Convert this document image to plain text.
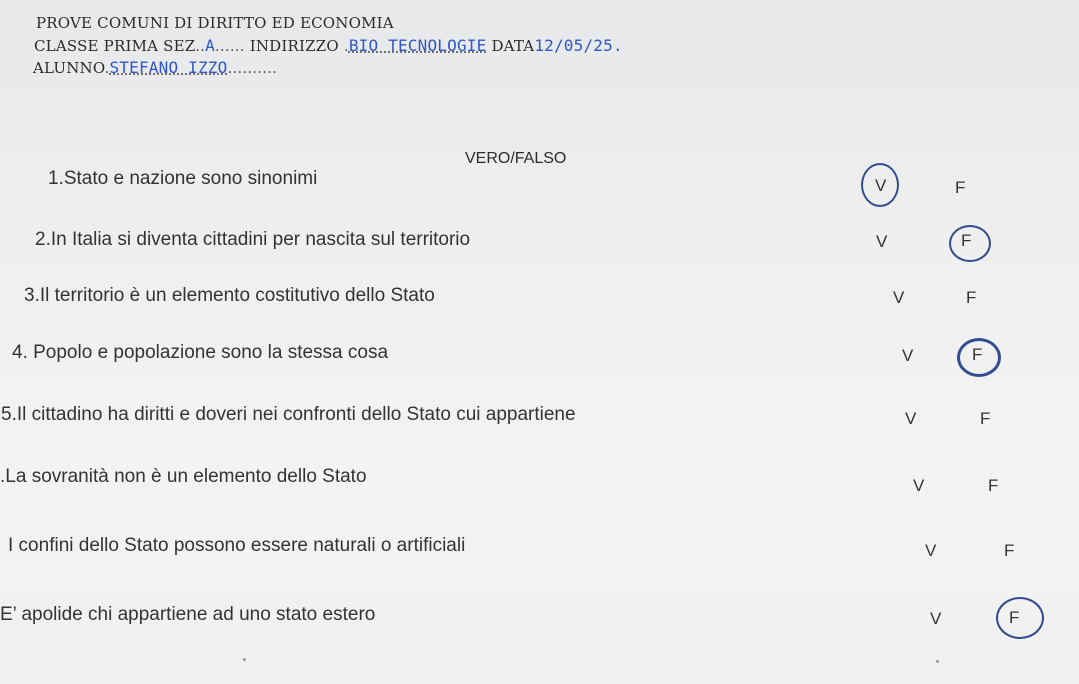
PROVE COMUNI DI DIRITTO ED ECONOMIA
CLASSE PRIMA SEZ..A...... INDIRIZZO .BIO TECNOLOGIE DATA12/05/25.
ALUNNO.STEFANO IZZO..........
VERO/FALSO
1.Stato e nazione sono sinonimi	V	F
2.In Italia si diventa cittadini per nascita sul territorio	V	F
3.Il territorio è un elemento costitutivo dello Stato	V	F
4. Popolo e popolazione sono la stessa cosa	V	F
5.Il cittadino ha diritti e doveri nei confronti dello Stato cui appartiene	V	F
.La sovranità non è un elemento dello Stato	V	F
I confini dello Stato possono essere naturali o artificiali	V	F
E’ apolide chi appartiene ad uno stato estero	V	F
